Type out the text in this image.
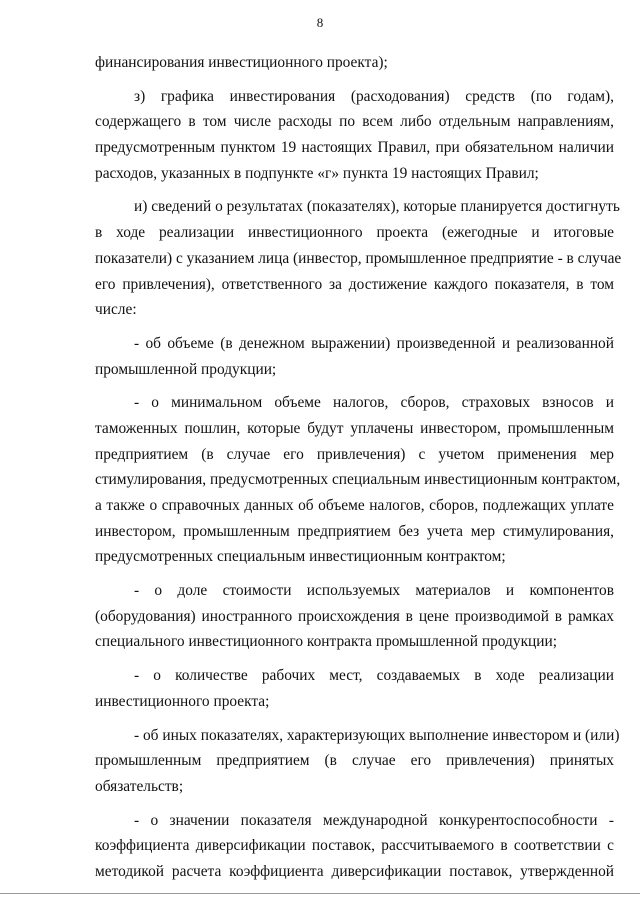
8
финансирования инвестиционного проекта);
з) графика инвестирования (расходования) средств (по годам),
содержащего в том числе расходы по всем либо отдельным направлениям,
предусмотренным пунктом 19 настоящих Правил, при обязательном наличии
расходов, указанных в подпункте «г» пункта 19 настоящих Правил;
и) сведений о результатах (показателях), которые планируется достигнуть
в ходе реализации инвестиционного проекта (ежегодные и итоговые
показатели) с указанием лица (инвестор, промышленное предприятие - в случае
его привлечения), ответственного за достижение каждого показателя, в том
числе:
- об объеме (в денежном выражении) произведенной и реализованной
промышленной продукции;
- о минимальном объеме налогов, сборов, страховых взносов и
таможенных пошлин, которые будут уплачены инвестором, промышленным
предприятием (в случае его привлечения) с учетом применения мер
стимулирования, предусмотренных специальным инвестиционным контрактом,
а также о справочных данных об объеме налогов, сборов, подлежащих уплате
инвестором, промышленным предприятием без учета мер стимулирования,
предусмотренных специальным инвестиционным контрактом;
- о доле стоимости используемых материалов и компонентов
(оборудования) иностранного происхождения в цене производимой в рамках
специального инвестиционного контракта промышленной продукции;
- о количестве рабочих мест, создаваемых в ходе реализации
инвестиционного проекта;
- об иных показателях, характеризующих выполнение инвестором и (или)
промышленным предприятием (в случае его привлечения) принятых
обязательств;
- о значении показателя международной конкурентоспособности -
коэффициента диверсификации поставок, рассчитываемого в соответствии с
методикой расчета коэффициента диверсификации поставок, утвержденной
